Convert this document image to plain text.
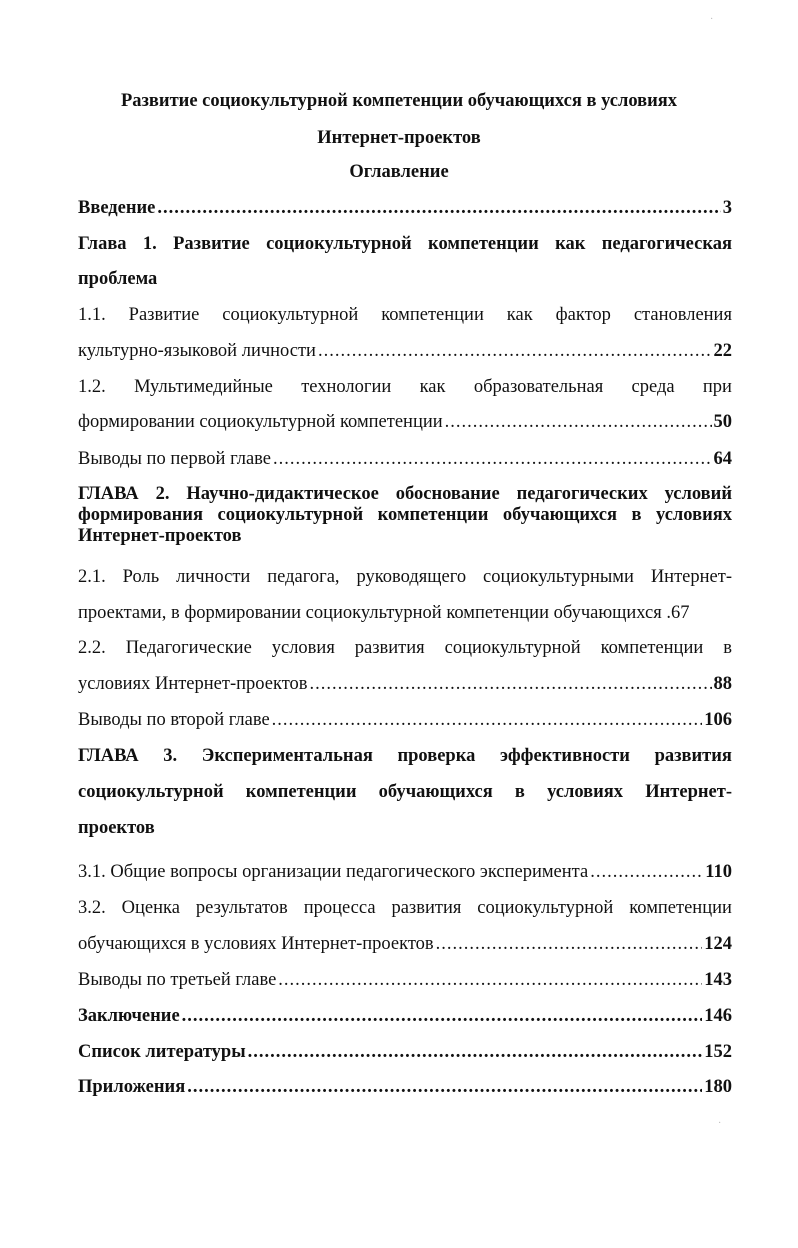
·
·
Развитие социокультурной компетенции обучающихся в условиях
Интернет-проектов
Оглавление
Введение .....	3
Глава 1. Развитие социокультурной компетенции как педагогическая
проблема
1.1. Развитие социокультурной компетенции как фактор становления
культурно-языковой личности .....	22
1.2. Мультимедийные технологии как образовательная среда при
формировании социокультурной компетенции .....	50
Выводы по первой главе .....	64
ГЛАВА 2. Научно-дидактическое обоснование педагогических условий формирования социокультурной компетенции обучающихся в условиях Интернет-проектов
2.1. Роль личности педагога, руководящего социокультурными Интернет-
проектами, в формировании социокультурной компетенции обучающихся .67
2.2. Педагогические условия развития социокультурной компетенции в
условиях Интернет-проектов .....	88
Выводы по второй главе .....	106
ГЛАВА 3. Экспериментальная проверка эффективности развития
социокультурной компетенции обучающихся в условиях Интернет-
проектов
3.1. Общие вопросы организации педагогического эксперимента .....	110
3.2. Оценка результатов процесса развития социокультурной компетенции
обучающихся в условиях Интернет-проектов .....	124
Выводы по третьей главе .....	143
Заключение .....	146
Список литературы .....	152
Приложения .....	180
